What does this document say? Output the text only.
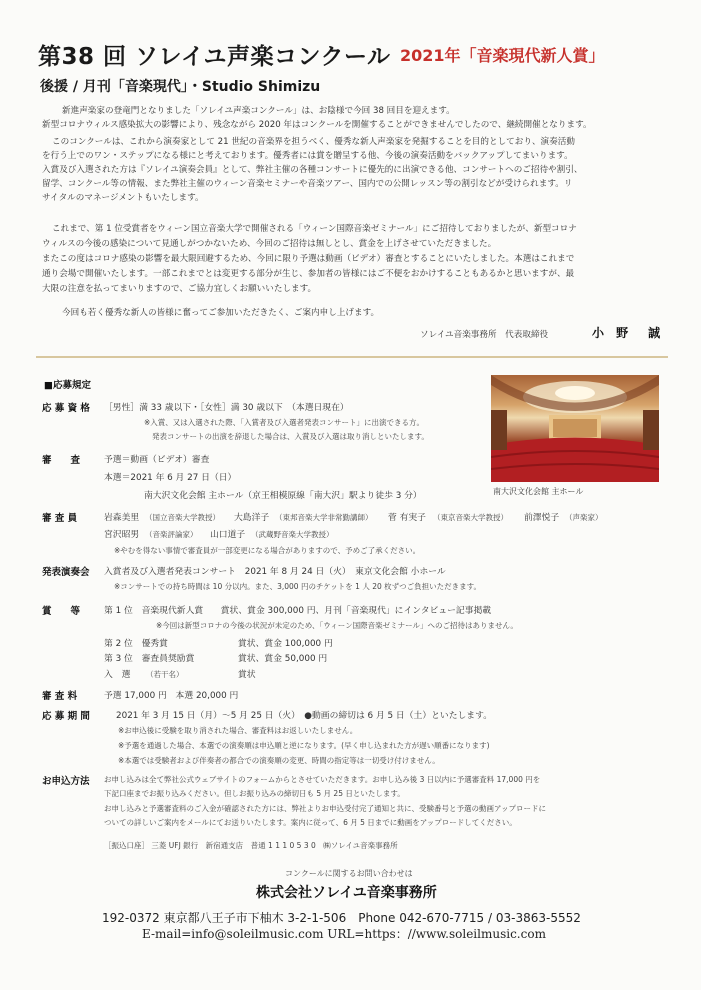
第38 回 ソレイユ声楽コンクール 2021年「音楽現代新人賞」
後援 / 月刊「音楽現代」・Studio Shimizu

新進声楽家の登竜門となりました「ソレイユ声楽コンクール」は、お陰様で今回 38 回目を迎えます。

新型コロナウィルス感染拡大の影響により、残念ながら 2020 年はコンクールを開催することができませんでしたので、継続開催となります。

このコンクールは、これから演奏家として 21 世紀の音楽界を担うべく、優秀な新人声楽家を発掘することを目的としており、演奏活動

を行う上でのワン・ステップになる様にと考えております。優秀者には賞を贈呈する他、今後の演奏活動をバックアップしてまいります。

入賞及び入選された方は『ソレイユ演奏会員』として、弊社主催の各種コンサートに優先的に出演できる他、コンサートへのご招待や割引、

留学、コンクール等の情報、また弊社主催のウィーン音楽セミナーや音楽ツアー、国内での公開レッスン等の割引などが受けられます。リ

サイタルのマネージメントもいたします。

これまで、第 1 位受賞者をウィーン国立音楽大学で開催される「ウィーン国際音楽ゼミナール」にご招待しておりましたが、新型コロナ

ウィルスの今後の感染について見通しがつかないため、今回のご招待は無しとし、賞金を上げさせていただきました。

またこの度はコロナ感染の影響を最大限回避するため、今回に限り予選は動画（ビデオ）審査とすることにいたしました。本選はこれまで

通り会場で開催いたします。一部これまでとは変更する部分が生じ、参加者の皆様にはご不便をおかけすることもあるかと思いますが、最

大限の注意を払ってまいりますので、ご協力宜しくお願いいたします。

今回も若く優秀な新人の皆様に奮ってご参加いただきたく、ご案内申し上げます。

ソレイユ音楽事務所　代表取締役	小 野　誠
■応募規定
応 募 資 格 ［男性］満 33 歳以下・［女性］満 30 歳以下　（本選日現在）
※入賞、又は入選された際、「入賞者及び入選者発表コンサート」に出演できる方。
発表コンサートの出演を辞退した場合は、入賞及び入選は取り消しといたします。
審　　査	予選＝動画（ビデオ）審査
本選＝2021 年 6 月 27 日（日）
南大沢文化会館 主ホール（京王相模原線「南大沢」駅より徒歩 3 分）	南大沢文化会館 主ホール
審 査 員	岩森美里 （国立音楽大学教授） 大島洋子 （東邦音楽大学非常勤講師） 菅 有実子 （東京音楽大学教授） 前澤悦子 （声楽家）
宮沢昭男 （音楽評論家） 山口道子 （武蔵野音楽大学教授）
※やむを得ない事情で審査員が一部変更になる場合がありますので、予めご了承ください。
発表演奏会 入賞者及び入選者発表コンサート　2021 年 8 月 24 日（火）　東京文化会館 小ホール
※コンサートでの持ち時間は 10 分以内。また、3,000 円のチケットを 1 人 20 枚ずつご負担いただきます。
賞　　等	第 1 位　音楽現代新人賞　　賞状、賞金 300,000 円、月刊「音楽現代」にインタビュー記事掲載
※今回は新型コロナの今後の状況が未定のため、「ウィーン国際音楽ゼミナール」へのご招待はありません。
第 2 位　優秀賞	賞状、賞金 100,000 円
第 3 位　審査員奨励賞	賞状、賞金 50,000 円
入　選 （若干名）	賞状
審 査 料	予選 17,000 円　本選 20,000 円
応 募 期 間	2021 年 3 月 15 日（月）～5 月 25 日（火）　●動画の締切は 6 月 5 日（土）といたします。
※お申込後に受験を取り消された場合、審査料はお返しいたしません。
※予選を通過した場合、本選での演奏順は申込順と逆になります。(早く申し込まれた方が遅い順番になります)
※本選では受験者および伴奏者の都合での演奏順の変更、時間の指定等は一切受け付けません。
お申込方法 お申し込みは全て弊社公式ウェブサイトのフォームからとさせていただきます。お申し込み後 3 日以内に予選審査料 17,000 円を
下記口座までお振り込みください。但しお振り込みの締切日も 5 月 25 日といたします。
お申し込みと予選審査料のご入金が確認された方には、弊社よりお申込受付完了通知と共に、受験番号と予選の動画アップロードに
ついての詳しいご案内をメールにてお送りいたします。案内に従って、6 月 5 日までに動画をアップロードしてください。
［振込口座］ 三菱 UFJ 銀行　新宿通支店　普通 1 1 1 0 5 3 0　㈱ソレイユ音楽事務所
コンクールに関するお問い合わせは
株式会社ソレイユ音楽事務所
192-0372 東京都八王子市下柚木 3-2-1-506　Phone 042-670-7715 / 03-3863-5552
E-mail=info@soleilmusic.com URL=https：//www.soleilmusic.com
